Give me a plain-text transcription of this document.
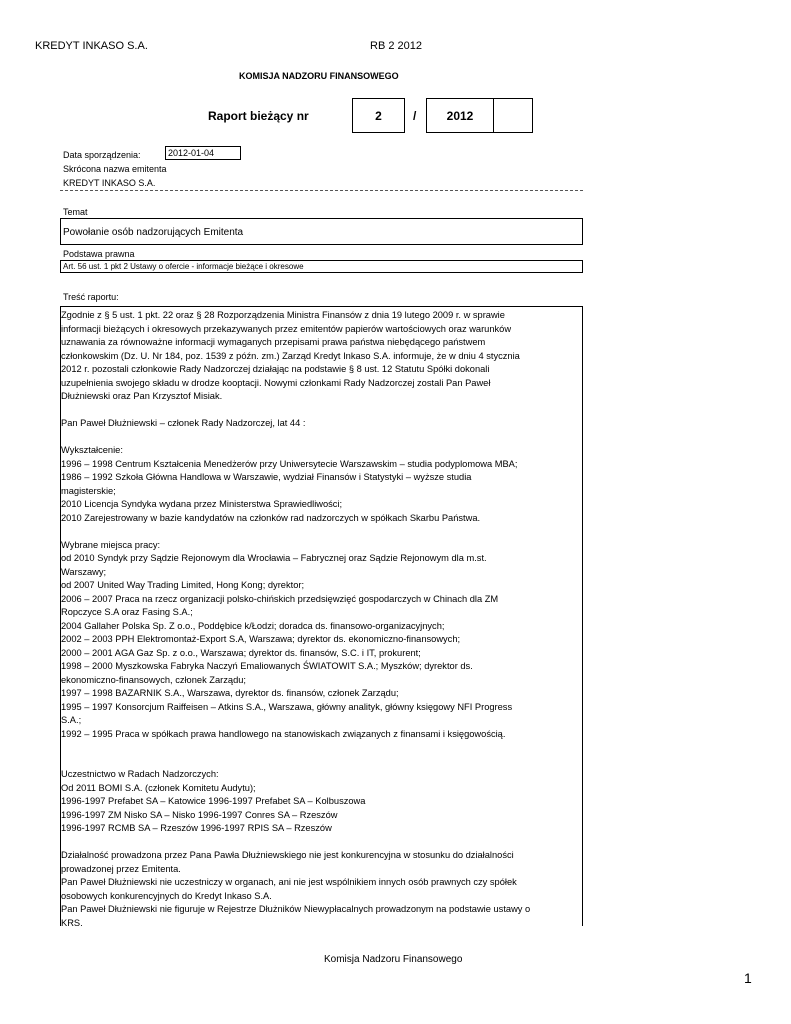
KREDYT INKASO S.A.	RB 2 2012
KOMISJA NADZORU FINANSOWEGO
Raport bieżący nr	2	/	2012
Data sporządzenia:	2012-01-04
Skrócona nazwa emitenta
KREDYT INKASO S.A.
Temat
Powołanie osób nadzorujących Emitenta
Podstawa prawna
Art. 56 ust. 1 pkt 2 Ustawy o ofercie - informacje bieżące i okresowe
Treść raportu:
Zgodnie z § 5 ust. 1 pkt. 22 oraz § 28 Rozporządzenia Ministra Finansów z dnia 19 lutego 2009 r. w sprawie
informacji bieżących i okresowych przekazywanych przez emitentów papierów wartościowych oraz warunków
uznawania za równoważne informacji wymaganych przepisami prawa państwa niebędącego państwem
członkowskim (Dz. U. Nr 184, poz. 1539 z późn. zm.) Zarząd Kredyt Inkaso S.A. informuje, że w dniu 4 stycznia
2012 r. pozostali członkowie Rady Nadzorczej działając na podstawie § 8 ust. 12 Statutu Spółki dokonali
uzupełnienia swojego składu w drodze kooptacji. Nowymi członkami Rady Nadzorczej zostali Pan Paweł
Dłużniewski oraz Pan Krzysztof Misiak.

Pan Paweł Dłużniewski – członek Rady Nadzorczej, lat 44 :

Wykształcenie:
1996 – 1998 Centrum Kształcenia Menedżerów przy Uniwersytecie Warszawskim – studia podyplomowa MBA;
1986 – 1992 Szkoła Główna Handlowa w Warszawie, wydział Finansów i Statystyki – wyższe studia
magisterskie;
2010 Licencja Syndyka wydana przez Ministerstwa Sprawiedliwości;
2010 Zarejestrowany w bazie kandydatów na członków rad nadzorczych w spółkach Skarbu Państwa.

Wybrane miejsca pracy:
od 2010 Syndyk przy Sądzie Rejonowym dla Wrocławia – Fabrycznej oraz Sądzie Rejonowym dla m.st.
Warszawy;
od 2007 United Way Trading Limited, Hong Kong; dyrektor;
2006 – 2007 Praca na rzecz organizacji polsko-chińskich przedsięwzięć gospodarczych w Chinach dla ZM
Ropczyce S.A oraz Fasing S.A.;
2004 Gallaher Polska Sp. Z o.o., Poddębice k/Łodzi; doradca ds. finansowo-organizacyjnych;
2002 – 2003 PPH Elektromontaż-Export S.A, Warszawa; dyrektor ds. ekonomiczno-finansowych;
2000 – 2001 AGA Gaz Sp. z o.o., Warszawa; dyrektor ds. finansów, S.C. i IT, prokurent;
1998 – 2000 Myszkowska Fabryka Naczyń Emaliowanych ŚWIATOWIT S.A.; Myszków; dyrektor ds.
ekonomiczno-finansowych, członek Zarządu;
1997 – 1998 BAZARNIK S.A., Warszawa, dyrektor ds. finansów, członek Zarządu;
1995 – 1997 Konsorcjum Raiffeisen – Atkins S.A., Warszawa, główny analityk, główny księgowy NFI Progress
S.A.;
1992 – 1995 Praca w spółkach prawa handlowego na stanowiskach związanych z finansami i księgowością.

Uczestnictwo w Radach Nadzorczych:
Od 2011 BOMI S.A. (członek Komitetu Audytu);
1996-1997 Prefabet SA – Katowice 1996-1997 Prefabet SA – Kolbuszowa
1996-1997 ZM Nisko SA – Nisko 1996-1997 Conres SA – Rzeszów
1996-1997 RCMB SA – Rzeszów 1996-1997 RPIS SA – Rzeszów

Działalność prowadzona przez Pana Pawła Dłużniewskiego nie jest konkurencyjna w stosunku do działalności
prowadzonej przez Emitenta.
Pan Paweł Dłużniewski nie uczestniczy w organach, ani nie jest wspólnikiem innych osób prawnych czy spółek
osobowych konkurencyjnych do Kredyt Inkaso S.A.
Pan Paweł Dłużniewski nie figuruje w Rejestrze Dłużników Niewypłacalnych prowadzonym na podstawie ustawy o
KRS.
Komisja Nadzoru Finansowego
1
